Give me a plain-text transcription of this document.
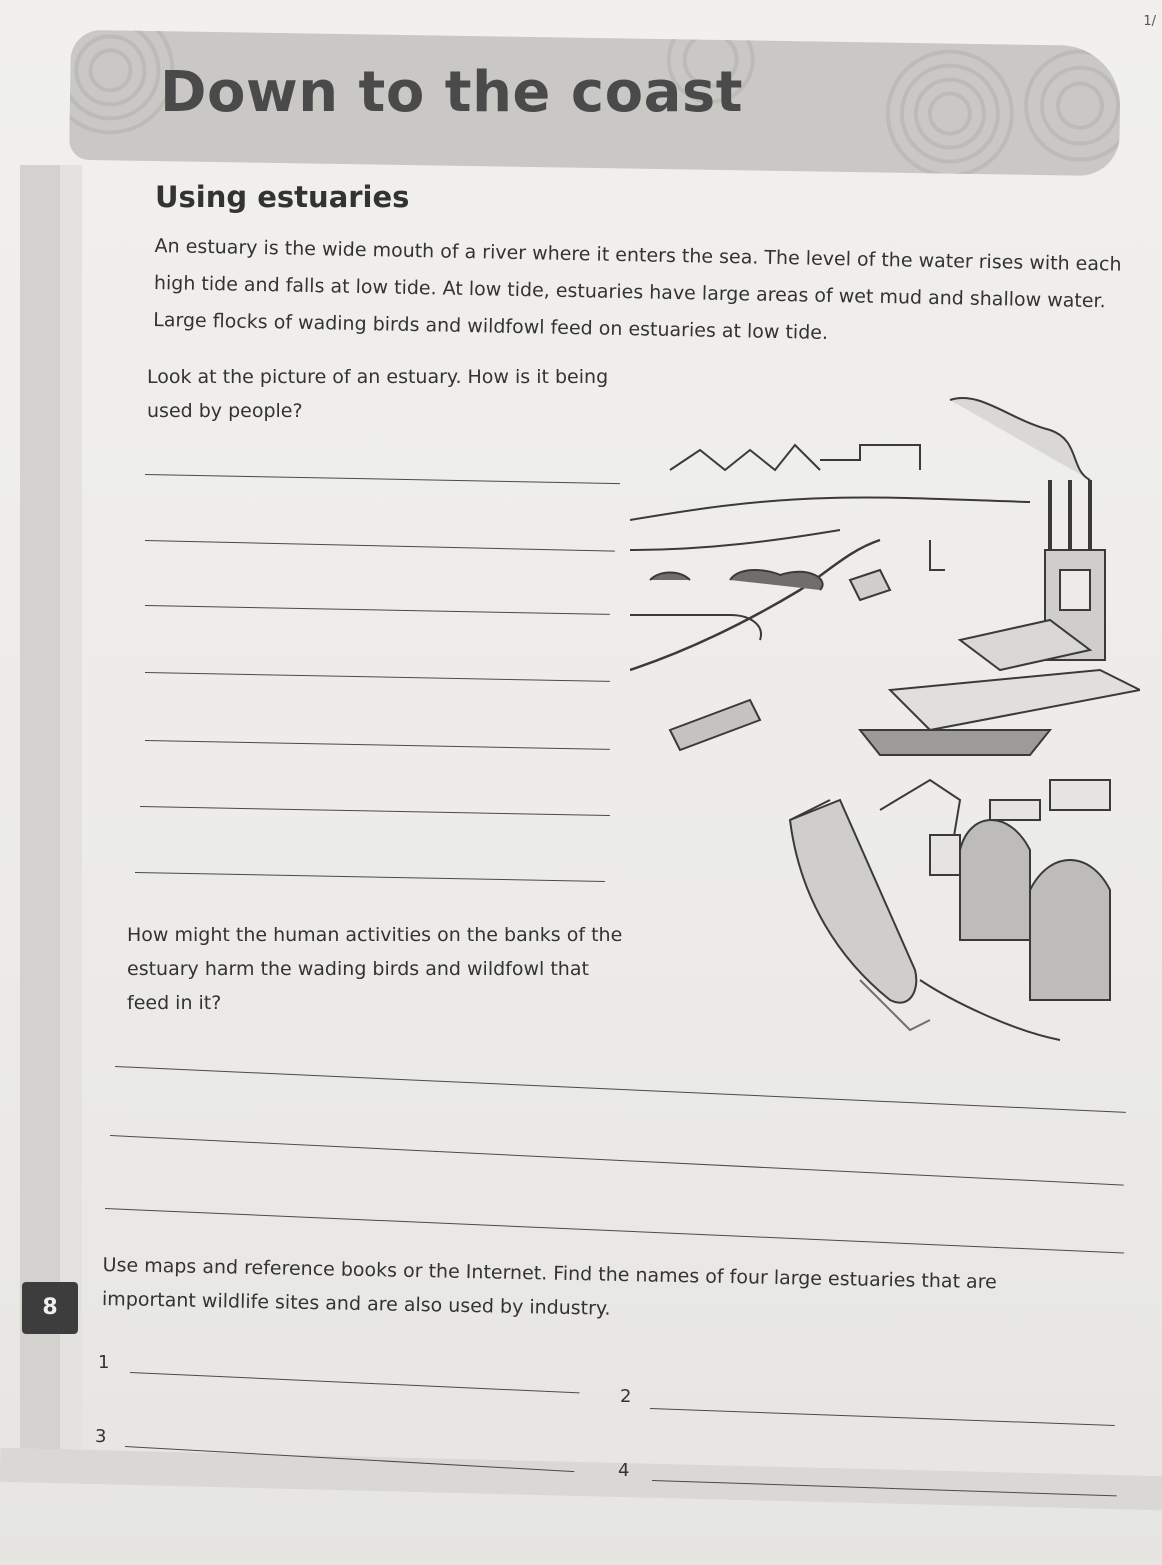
1/
Down to the coast
Using estuaries

An estuary is the wide mouth of a river where it enters the sea. The level of the water rises with each high tide and falls at low tide. At low tide, estuaries have large areas of wet mud and shallow water. Large flocks of wading birds and wildfowl feed on estuaries at low tide.

Look at the picture of an estuary. How is it being used by people?

How might the human activities on the banks of the estuary harm the wading birds and wildfowl that feed in it?

8

Use maps and reference books or the Internet. Find the names of four large estuaries that are important wildlife sites and are also used by industry.

1
2
3
4
